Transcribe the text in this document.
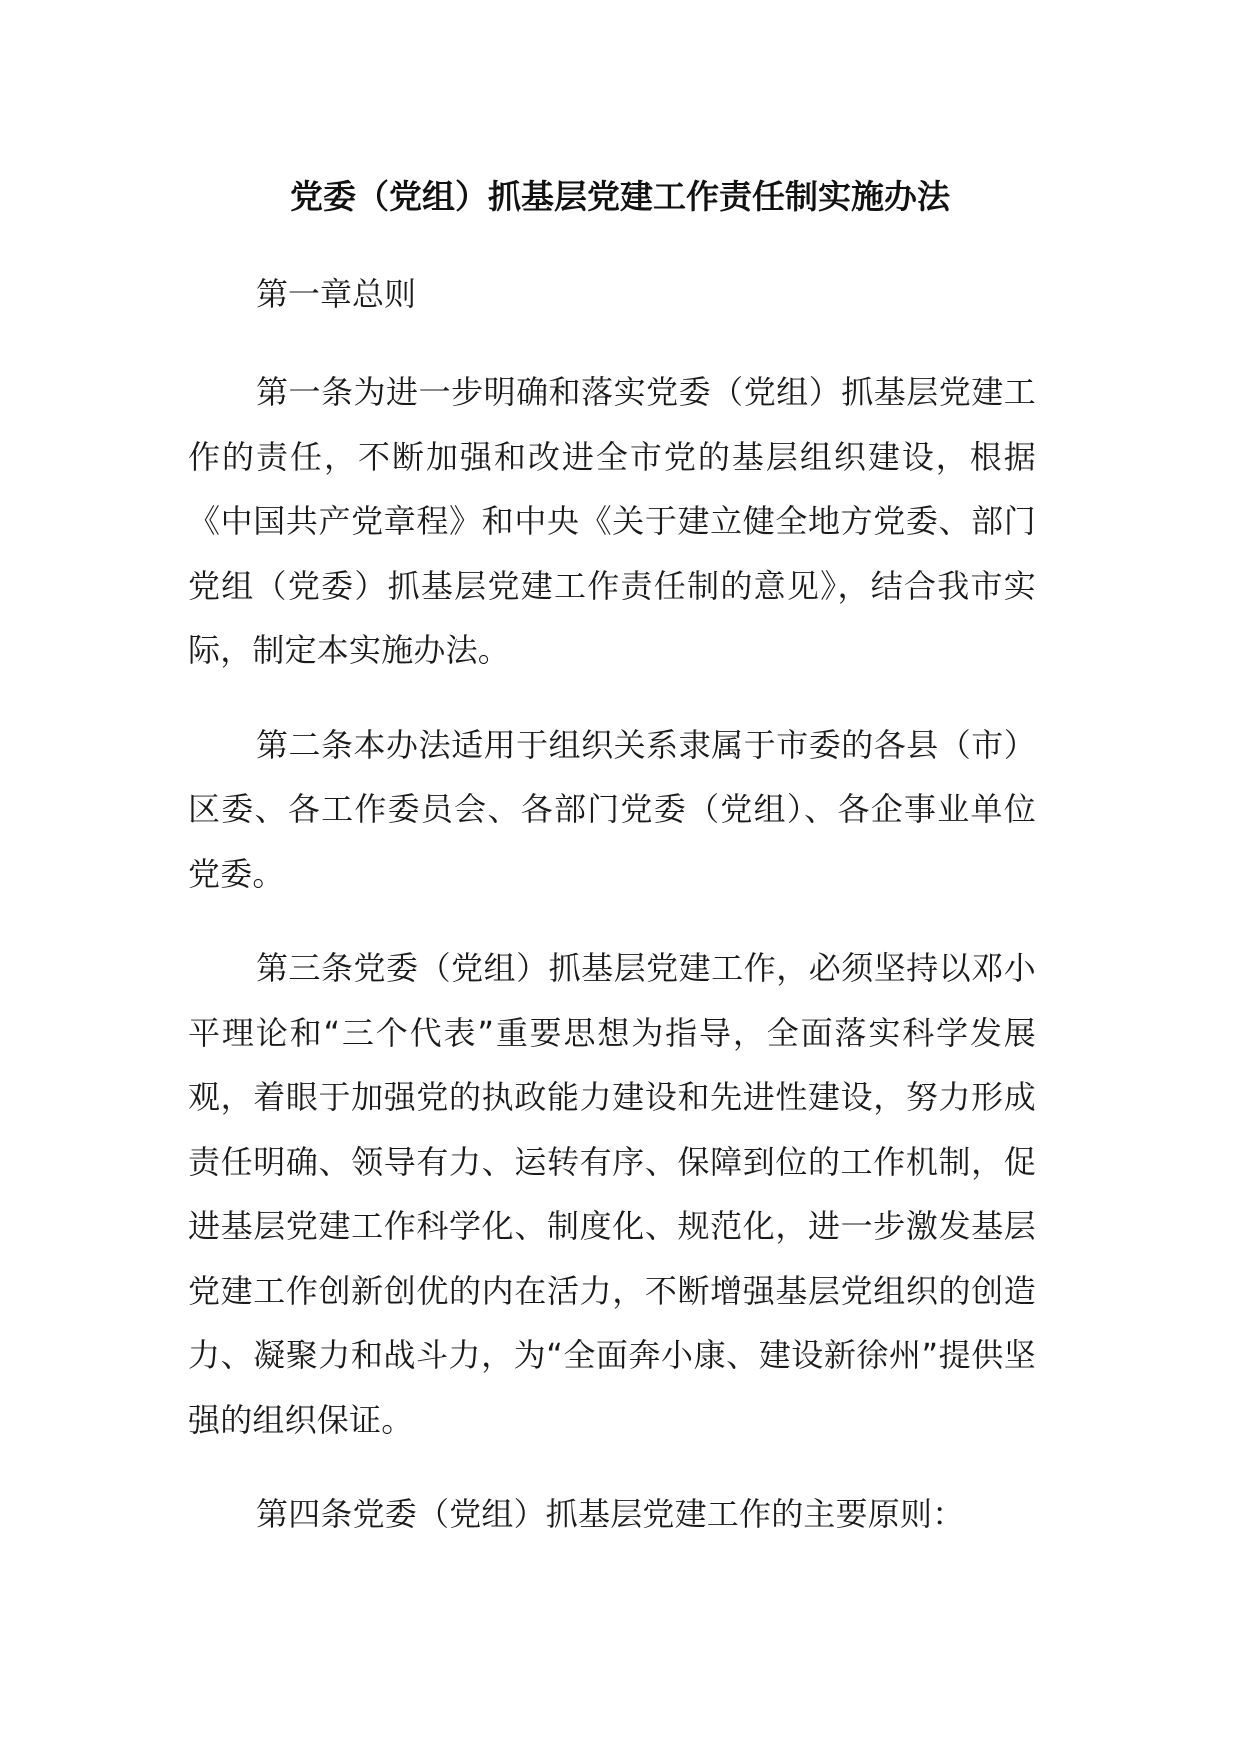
党委（党组）抓基层党建工作责任制实施办法

第一章总则

第一条为进一步明确和落实党委（党组）抓基层党建工作的责任，不断加强和改进全市党的基层组织建设，根据《中国共产党章程》和中央《关于建立健全地方党委、部门党组（党委）抓基层党建工作责任制的意见》，结合我市实际，制定本实施办法。

第二条本办法适用于组织关系隶属于市委的各县（市）区委、各工作委员会、各部门党委（党组）、各企事业单位党委。

第三条党委（党组）抓基层党建工作，必须坚持以邓小平理论和“三个代表”重要思想为指导，全面落实科学发展观，着眼于加强党的执政能力建设和先进性建设，努力形成责任明确、领导有力、运转有序、保障到位的工作机制，促进基层党建工作科学化、制度化、规范化，进一步激发基层党建工作创新创优的内在活力，不断增强基层党组织的创造力、凝聚力和战斗力，为“全面奔小康、建设新徐州”提供坚强的组织保证。

第四条党委（党组）抓基层党建工作的主要原则：
